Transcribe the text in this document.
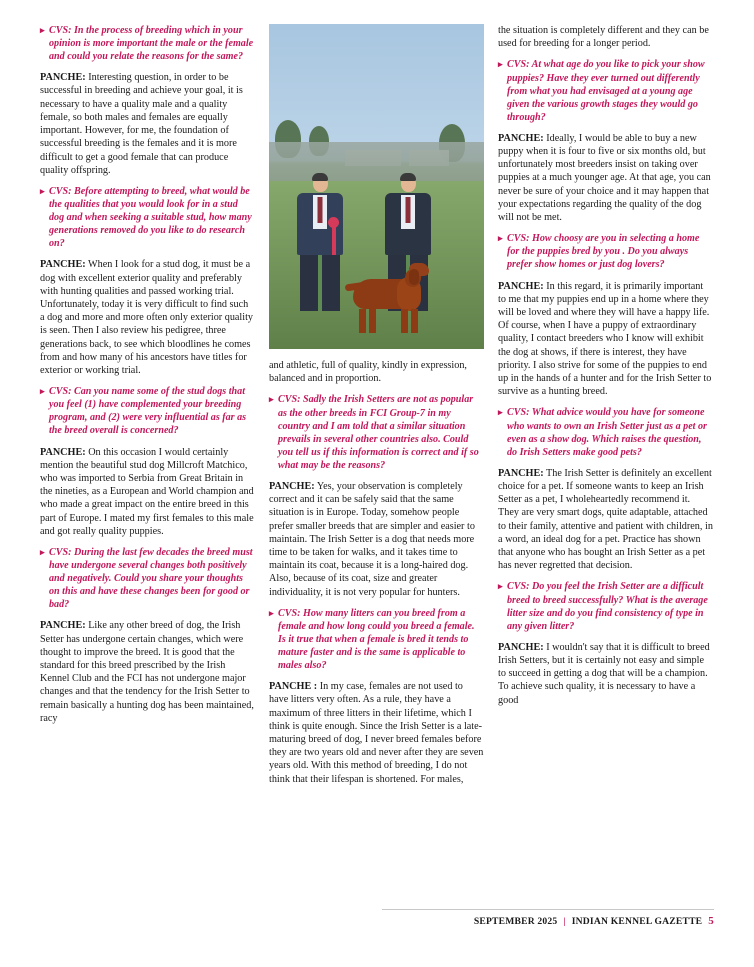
▸ CVS: In the process of breeding which in your opinion is more important the male or the female and could you relate the reasons for the same?

PANCHE: Interesting question, in order to be successful in breeding and achieve your goal, it is necessary to have a quality male and a quality female, so both males and females are equally important. However, for me, the foundation of successful breeding is the females and it is more difficult to get a good female that can produce quality offspring.

▸ CVS: Before attempting to breed, what would be the qualities that you would look for in a stud dog and when seeking a suitable stud, how many generations removed do you like to do research on?

PANCHE: When I look for a stud dog, it must be a dog with excellent exterior quality and preferably with hunting qualities and passed working trial. Unfortunately, today it is very difficult to find such a dog and more and more often only exterior quality is seen. Then I also review his pedigree, three generations back, to see which bloodlines he comes from and how many of his ancestors have titles for exterior or working trial.

▸ CVS: Can you name some of the stud dogs that you feel (1) have complemented your breeding program, and (2) were very influential as far as the breed overall is concerned?

PANCHE: On this occasion I would certainly mention the beautiful stud dog Millcroft Matchico, who was imported to Serbia from Great Britain in the nineties, as a European and World champion and who made a great impact on the entire breed in this part of Europe. I mated my first females to this male and got really quality puppies.

▸ CVS: During the last few decades the breed must have undergone several changes both positively and negatively. Could you share your thoughts on this and have these changes been for good or bad?

PANCHE: Like any other breed of dog, the Irish Setter has undergone certain changes, which were thought to improve the breed. It is good that the standard for this breed prescribed by the Irish Kennel Club and the FCI has not undergone major changes and that the tendency for the Irish Setter to remain basically a hunting dog has been maintained, racy

and athletic, full of quality, kindly in expression, balanced and in proportion.

▸ CVS: Sadly the Irish Setters are not as popular as the other breeds in FCI Group-7 in my country and I am told that a similar situation prevails in several other countries also. Could you tell us if this information is correct and if so what may be the reasons?

PANCHE: Yes, your observation is completely correct and it can be safely said that the same situation is in Europe. Today, somehow people prefer smaller breeds that are simpler and easier to maintain. The Irish Setter is a dog that needs more time to be taken for walks, and it takes time to maintain its coat, because it is a long-haired dog. Also, because of its coat, size and greater individuality, it is not very popular for hunters.

▸ CVS: How many litters can you breed from a female and how long could you breed a female. Is it true that when a female is bred it tends to mature faster and is the same is applicable to males also?

PANCHE : In my case, females are not used to have litters very often. As a rule, they have a maximum of three litters in their lifetime, which I think is quite enough. Since the Irish Setter is a late-maturing breed of dog, I never breed females before they are two years old and never after they are seven years old. With this method of breeding, I do not think that their lifespan is shortened. For males,

the situation is completely different and they can be used for breeding for a longer period.

▸ CVS: At what age do you like to pick your show puppies? Have they ever turned out differently from what you had envisaged at a young age given the various growth stages they would go through?

PANCHE: Ideally, I would be able to buy a new puppy when it is four to five or six months old, but unfortunately most breeders insist on taking over puppies at a much younger age. At that age, you can never be sure of your choice and it may happen that your expectations regarding the quality of the dog will not be met.

▸ CVS: How choosy are you in selecting a home for the puppies bred by you . Do you always prefer show homes or just dog lovers?

PANCHE: In this regard, it is primarily important to me that my puppies end up in a home where they will be loved and where they will have a happy life. Of course, when I have a puppy of extraordinary quality, I contact breeders who I know will exhibit the dog at shows, if there is interest, they have priority. I also strive for some of the puppies to end up in the hands of a hunter and for the Irish Setter to survive as a hunting breed.

▸ CVS: What advice would you have for someone who wants to own an Irish Setter just as a pet or even as a show dog. Which raises the question, do Irish Setters make good pets?

PANCHE: The Irish Setter is definitely an excellent choice for a pet. If someone wants to keep an Irish Setter as a pet, I wholeheartedly recommend it. They are very smart dogs, quite adaptable, attached to their family, attentive and patient with children, in a word, an ideal dog for a pet. Practice has shown that anyone who has bought an Irish Setter as a pet has never regretted that decision.

▸ CVS: Do you feel the Irish Setter are a difficult breed to breed successfully? What is the average litter size and do you find consistency of type in any given litter?

PANCHE: I wouldn't say that it is difficult to breed Irish Setters, but it is certainly not easy and simple to succeed in getting a dog that will be a champion. To achieve such quality, it is necessary to have a good

SEPTEMBER 2025 | INDIAN KENNEL GAZETTE 5
